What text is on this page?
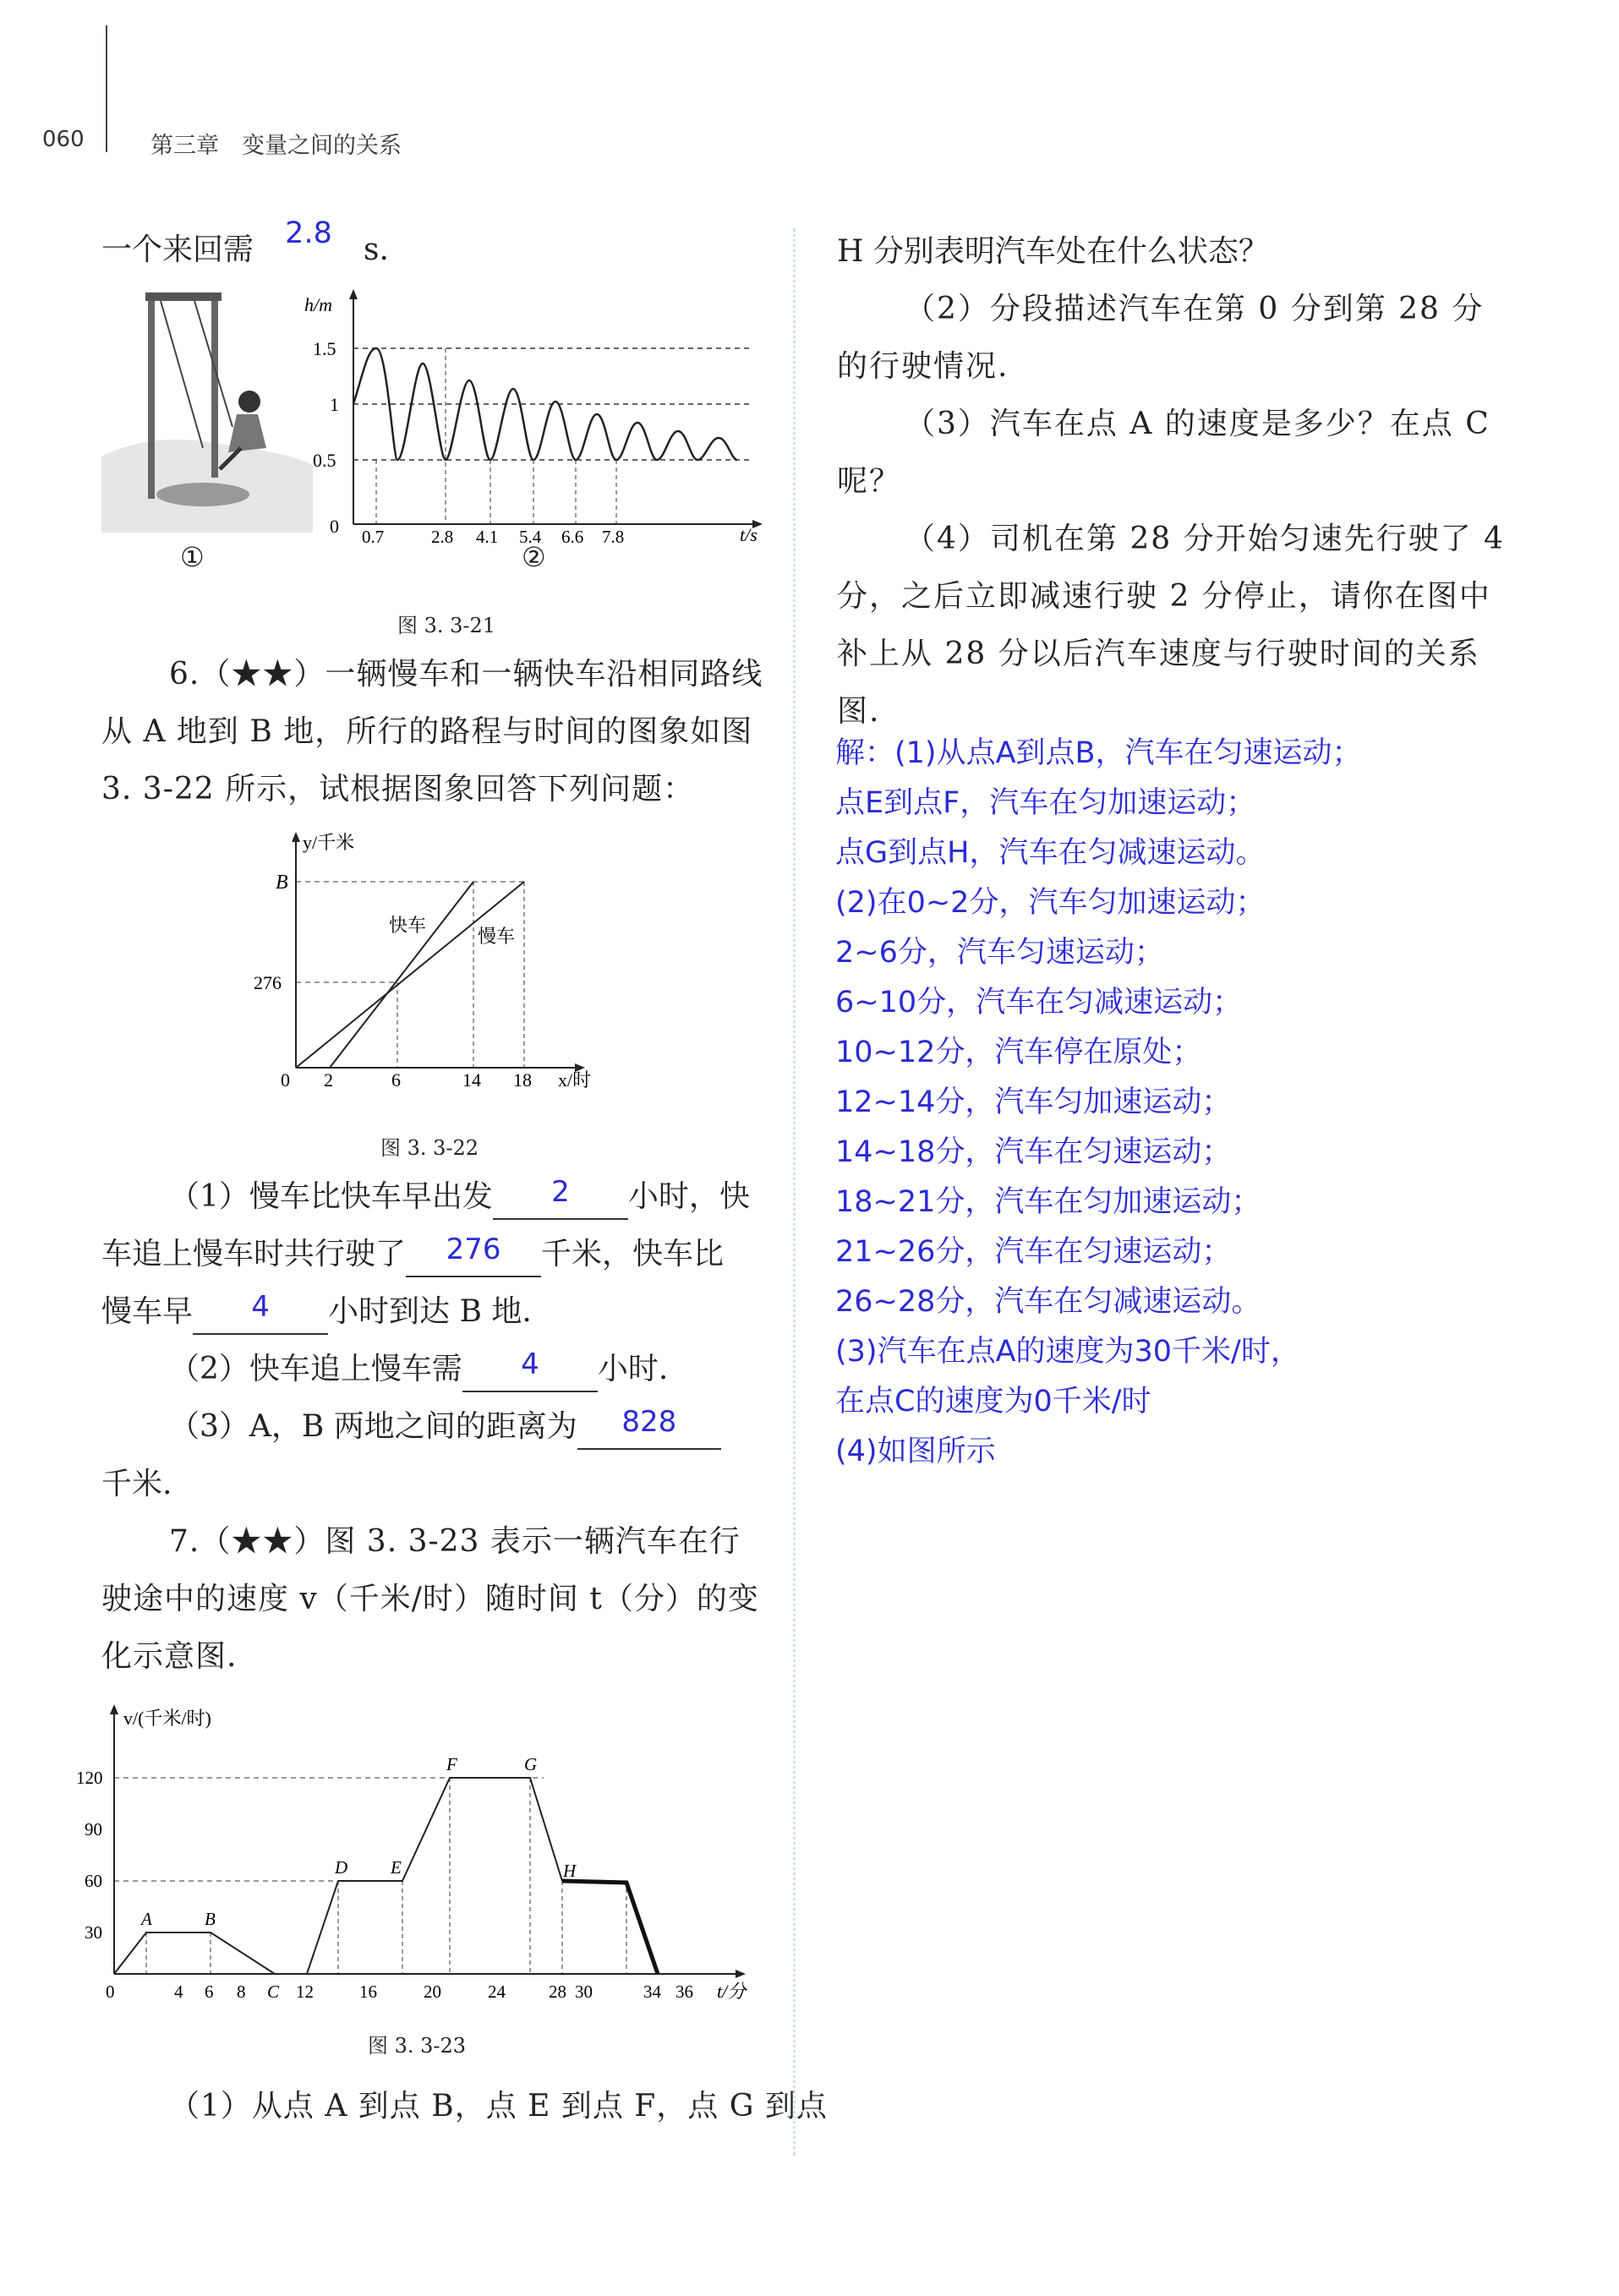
060	第三章　变量之间的关系
一个来回需 2.8 s.
①
h/m
t/s
1.5
1
0.5
0 0.7	2.8 4.1 5.4 6.6 7.8
②
图 3. 3-21
6.（★★）一辆慢车和一辆快车沿相同路线从 A 地到 B 地，所行的路程与时间的图象如图 3. 3-22 所示，试根据图象回答下列问题：
y/千米
x/时
B
276
0
快车
慢车
2	6	14 18
图 3. 3-22
（1）慢车比快车早出发 2 小时，快
车追上慢车时共行驶了 276 千米，快车比
慢车早 4 小时到达 B 地.
（2）快车追上慢车需 4 小时.
（3）A，B 两地之间的距离为 828
千米.
7.（★★）图 3. 3-23 表示一辆汽车在行驶途中的速度 v（千米/时）随时间 t（分）的变化示意图.
v/(千米/时)
t/分
120
90
60
30
0
A	B
D E
F	G
H
4 6 8 C 12	16	20	24 28 30	34 36
图 3. 3-23
（1）从点 A 到点 B，点 E 到点 F，点 G 到点
H 分别表明汽车处在什么状态？
（2）分段描述汽车在第 0 分到第 28 分的行驶情况.
（3）汽车在点 A 的速度是多少？在点 C 呢？
（4）司机在第 28 分开始匀速先行驶了 4 分，之后立即减速行驶 2 分停止，请你在图中补上从 28 分以后汽车速度与行驶时间的关系图.
解：(1)从点A到点B，汽车在匀速运动；
点E到点F，汽车在匀加速运动；
点G到点H，汽车在匀减速运动。
(2)在0~2分，汽车匀加速运动；
2~6分，汽车匀速运动；
6~10分，汽车在匀减速运动；
10~12分，汽车停在原处；
12~14分，汽车匀加速运动；
14~18分，汽车在匀速运动；
18~21分，汽车在匀加速运动；
21~26分，汽车在匀速运动；
26~28分，汽车在匀减速运动。
(3)汽车在点A的速度为30千米/时，
在点C的速度为0千米/时
(4)如图所示
